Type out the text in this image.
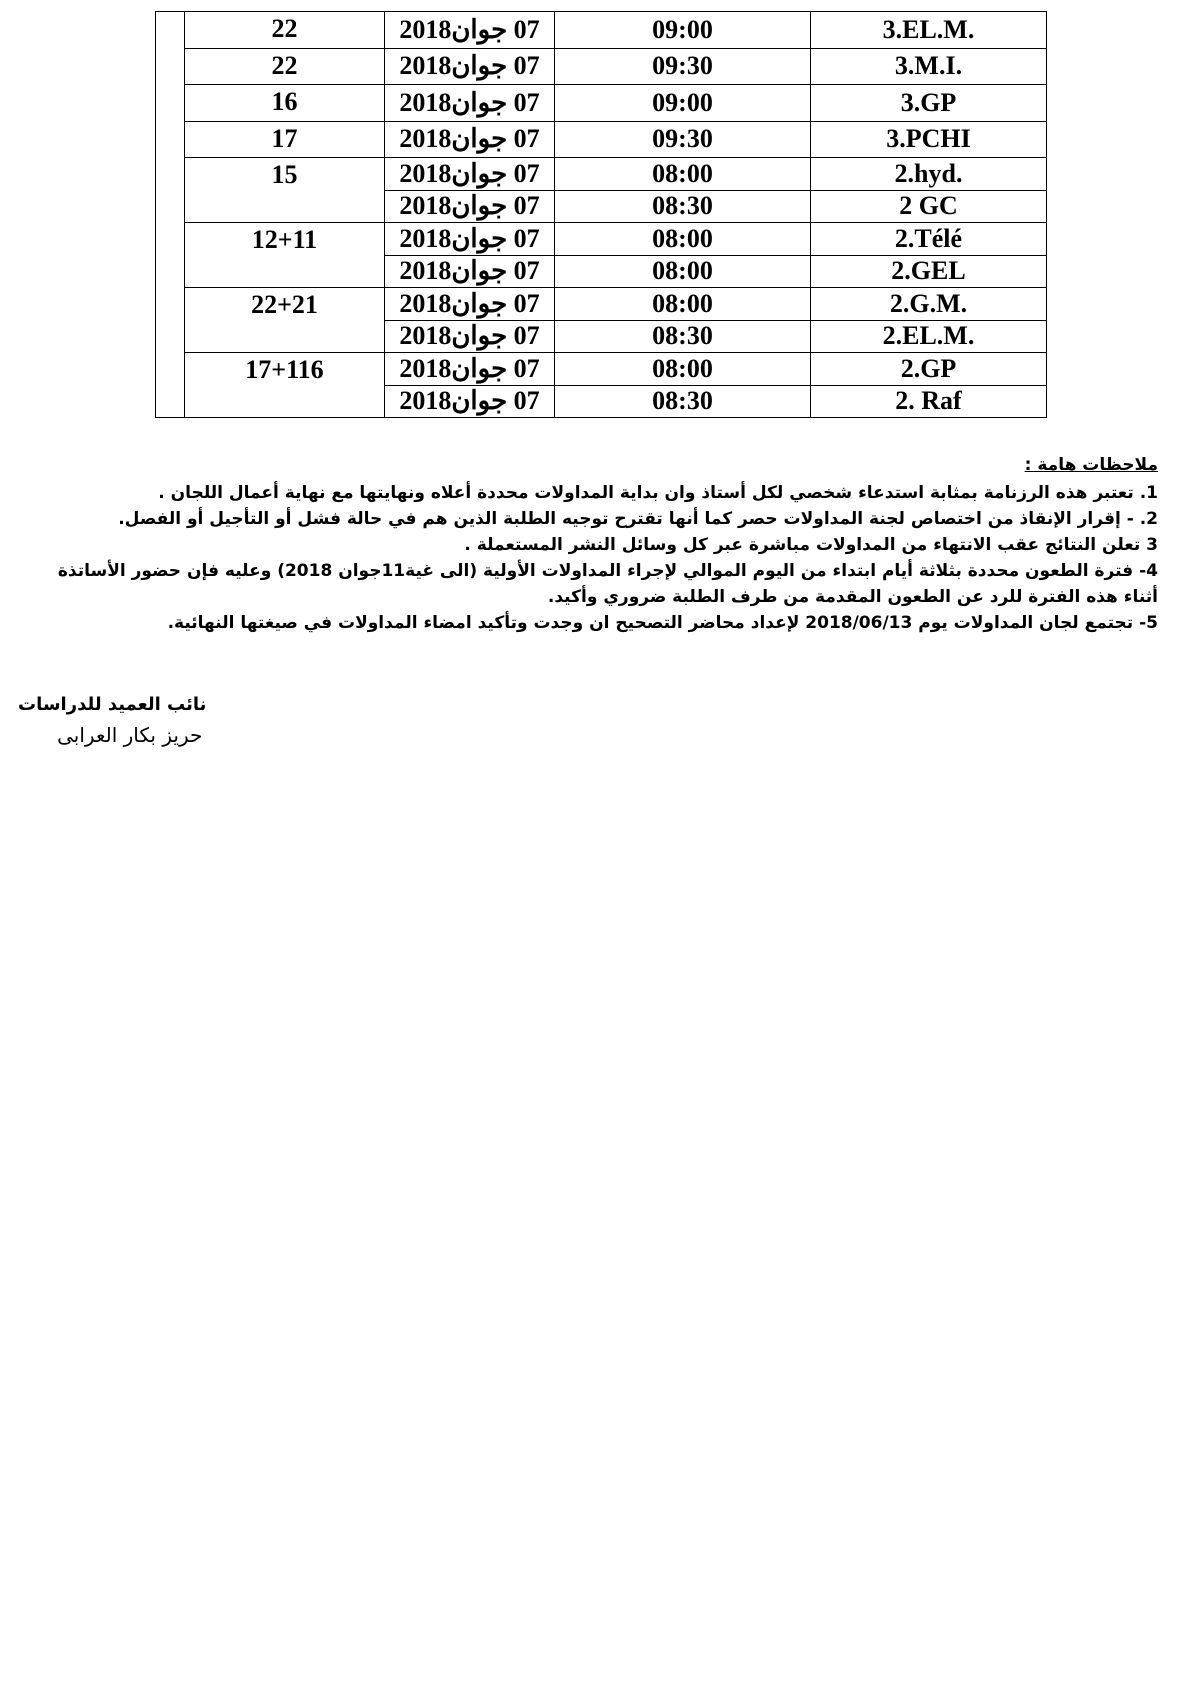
	22	07 جوان2018	09:00	3.EL.M.
	22	07 جوان2018	09:30	3.M.I.
	16	07 جوان2018	09:00	3.GP
	17	07 جوان2018	09:30	3.PCHI
	15	07 جوان2018	08:00	2.hyd.
		07 جوان2018	08:30	2 GC
	12+11	07 جوان2018	08:00	2.Télé
		07 جوان2018	08:00	2.GEL
	22+21	07 جوان2018	08:00	2.G.M.
		07 جوان2018	08:30	2.EL.M.
	17+116	07 جوان2018	08:00	2.GP
		07 جوان2018	08:30	2. Raf
ملاحظات هامة :
1. تعتبر هذه الرزنامة بمثابة استدعاء شخصي لكل أستاذ وان بداية المداولات محددة أعلاه ونهايتها مع نهاية أعمال اللجان .
2. - إقرار الإنقاذ من اختصاص لجنة المداولات حصر كما أنها تقترح توجيه الطلبة الذين هم في حالة فشل أو التأجيل أو الفصل.
3 تعلن النتائج عقب الانتهاء من المداولات مباشرة عبر كل وسائل النشر المستعملة .
4- فترة الطعون محددة بثلاثة أيام ابتداء من اليوم الموالي لإجراء المداولات الأولية (الى غية11جوان 2018) وعليه فإن حضور الأساتذة أثناء هذه الفترة للرد عن الطعون المقدمة من طرف الطلبة ضروري وأكيد.
5- تجتمع لجان المداولات يوم 2018/06/13 لإعداد محاضر التصحيح ان وجدت وتأكيد امضاء المداولات في صيغتها النهائية.
نائب العميد للدراسات
حريز بكار العرابى
